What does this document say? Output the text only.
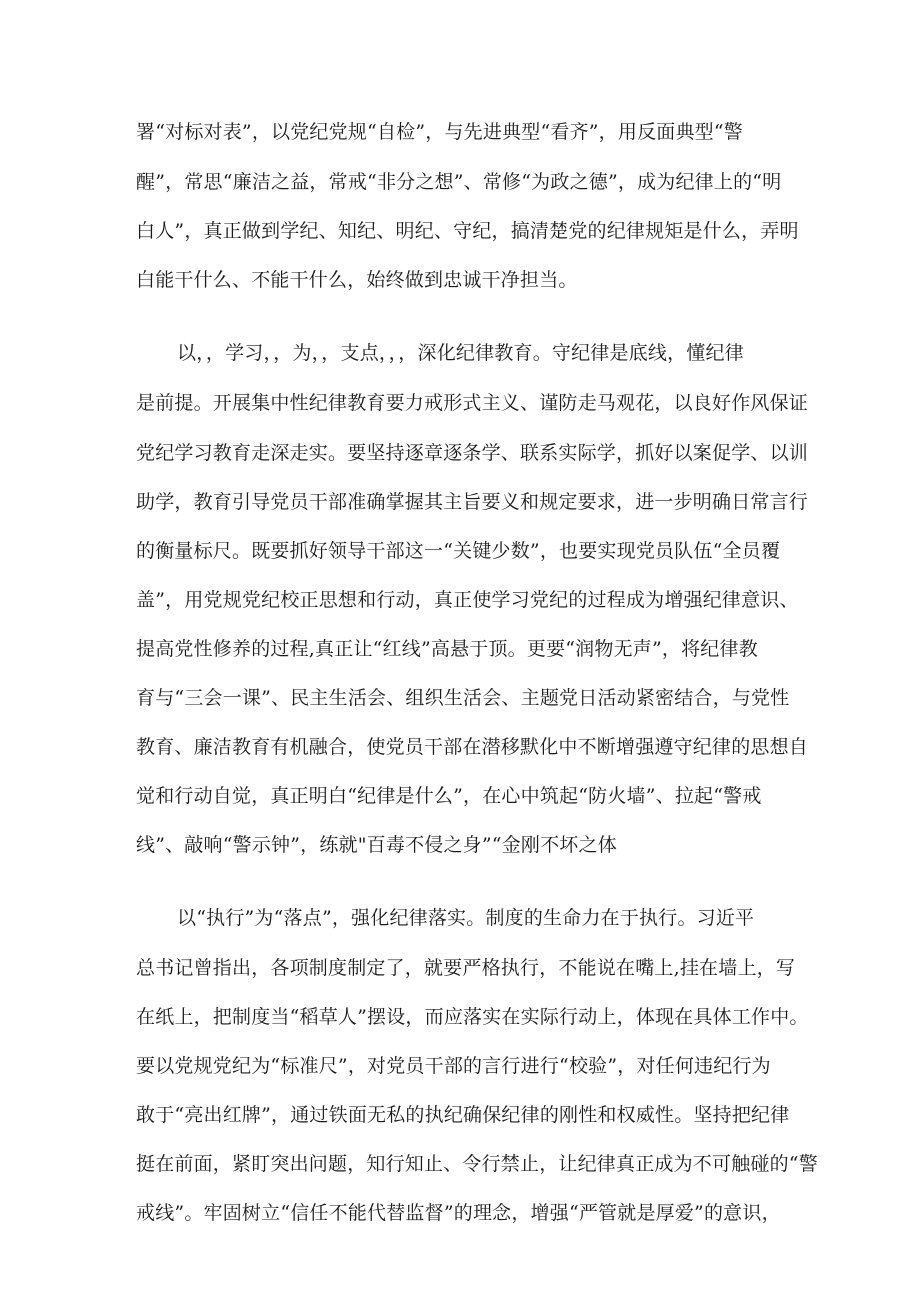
署“对标对表”，以党纪党规“自检”，与先进典型“看齐”，用反面典型“警
醒”，常思“廉洁之益，常戒“非分之想”、常修“为政之德”，成为纪律上的“明
白人”，真正做到学纪、知纪、明纪、守纪，搞清楚党的纪律规矩是什么，弄明
白能干什么、不能干什么，始终做到忠诚干净担当。
以，，学习，，为，，支点，，，深化纪律教育。守纪律是底线，懂纪律
是前提。开展集中性纪律教育要力戒形式主义、谨防走马观花，以良好作风保证
党纪学习教育走深走实。要坚持逐章逐条学、联系实际学，抓好以案促学、以训
助学，教育引导党员干部准确掌握其主旨要义和规定要求，进一步明确日常言行
的衡量标尺。既要抓好领导干部这一“关键少数”，也要实现党员队伍“全员覆
盖”，用党规党纪校正思想和行动，真正使学习党纪的过程成为增强纪律意识、
提高党性修养的过程,真正让“红线”高悬于顶。更要“润物无声”，将纪律教
育与“三会一课”、民主生活会、组织生活会、主题党日活动紧密结合，与党性
教育、廉洁教育有机融合，使党员干部在潜移默化中不断增强遵守纪律的思想自
觉和行动自觉，真正明白“纪律是什么”，在心中筑起“防火墙”、拉起“警戒
线”、敲响“警示钟”，练就"百毒不侵之身”“金刚不坏之体
以“执行”为“落点”，强化纪律落实。制度的生命力在于执行。习近平
总书记曾指出，各项制度制定了，就要严格执行，不能说在嘴上,挂在墙上，写
在纸上，把制度当“稻草人”摆设，而应落实在实际行动上，体现在具体工作中。
要以党规党纪为“标准尺”，对党员干部的言行进行“校验”，对任何违纪行为
敢于“亮出红牌”，通过铁面无私的执纪确保纪律的刚性和权威性。坚持把纪律
挺在前面，紧盯突出问题，知行知止、令行禁止，让纪律真正成为不可触碰的“警
戒线”。牢固树立“信任不能代替监督”的理念，增强“严管就是厚爱”的意识，
